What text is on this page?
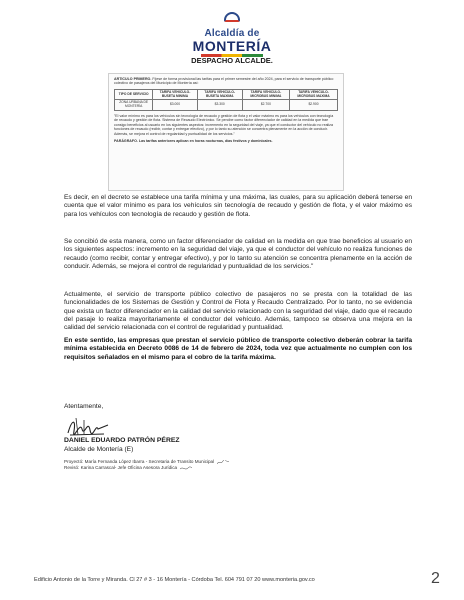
Alcaldía de
MONTERÍA
DESPACHO ALCALDE.
ARTICULO PRIMERO. Fíjese de forma provisional las tarifas para el primer semestre del año 2024, para el servicio de transporte público colectivo de pasajeros del Municipio de Montería así:
TIPO DE SERVICIO	TARIFA VEHICULO-BUSETA MINIMA	TARIFA VEHICULO-BUSETA MAXIMA	TARIFA VEHICULO-MICROBUS MINIMA	TARIFA VEHICULO-MICROBUS MAXIMA
ZONA URBANA DE MONTERÍA	$3.000	$3.300	$2.700	$2.900
"El valor mínimo es para los vehículos sin tecnología de recaudo y gestión de flota y el valor máximo es para los vehículos con tecnología de recaudo y gestión de flota. Sistema de Recaudo Electrónico. Se percibe como factor diferenciador de calidad en la medida que trae consigo beneficios al usuario en los siguientes aspectos: incremento en la seguridad del viaje, ya que el conductor del vehículo no realiza funciones de recaudo (recibir, contar y entregar efectivo), y por lo tanto su atención se concentra plenamente en la acción de conducir. Además, se mejora el control de regularidad y puntualidad de los servicios."
PARÁGRAFO. Las tarifas anteriores aplican en horas nocturnas, días festivos y dominicales.

Es decir, en el decreto se establece una tarifa mínima y una máxima, las cuales, para su aplicación deberá tenerse en cuenta que el valor mínimo es para los vehículos sin tecnología de recaudo y gestión de flota, y el valor máximo es para los vehículos con tecnología de recaudo y gestión de flota.

Se concibió de esta manera, como un factor diferenciador de calidad en la medida en que trae beneficios al usuario en los siguientes aspectos: incremento en la seguridad del viaje, ya que el conductor del vehículo no realiza funciones de recaudo (como recibir, contar y entregar efectivo), y por lo tanto su atención se concentra plenamente en la acción de conducir. Además, se mejora el control de regularidad y puntualidad de los servicios."

Actualmente, el servicio de transporte público colectivo de pasajeros no se presta con la totalidad de las funcionalidades de los Sistemas de Gestión y Control de Flota y Recaudo Centralizado. Por lo tanto, no se evidencia que exista un factor diferenciador en la calidad del servicio relacionado con la seguridad del viaje, dado que el recaudo del pasaje lo realiza mayoritariamente el conductor del vehículo. Además, tampoco se observa una mejora en la calidad del servicio relacionada con el control de regularidad y puntualidad.

En este sentido, las empresas que prestan el servicio público de transporte colectivo deberán cobrar la tarifa mínima establecida en Decreto 0086 de 14 de febrero de 2024, toda vez que actualmente no cumplen con los requisitos señalados en el mismo para el cobro de la tarifa máxima.

Atentamente,
DANIEL EDUARDO PATRÓN PÉREZ
Alcalde de Montería (E)
Proyectó: María Fernanda López Ibarra - Secretaria de Transito Municipal
Revisó: Karina Carrascal- Jefe Oficina Asesora Jurídica
Edificio Antonio de la Torre y Miranda. Cl 27 # 3 - 16 Montería - Córdoba Tel. 604 791 07 20 www.monteria.gov.co	2
